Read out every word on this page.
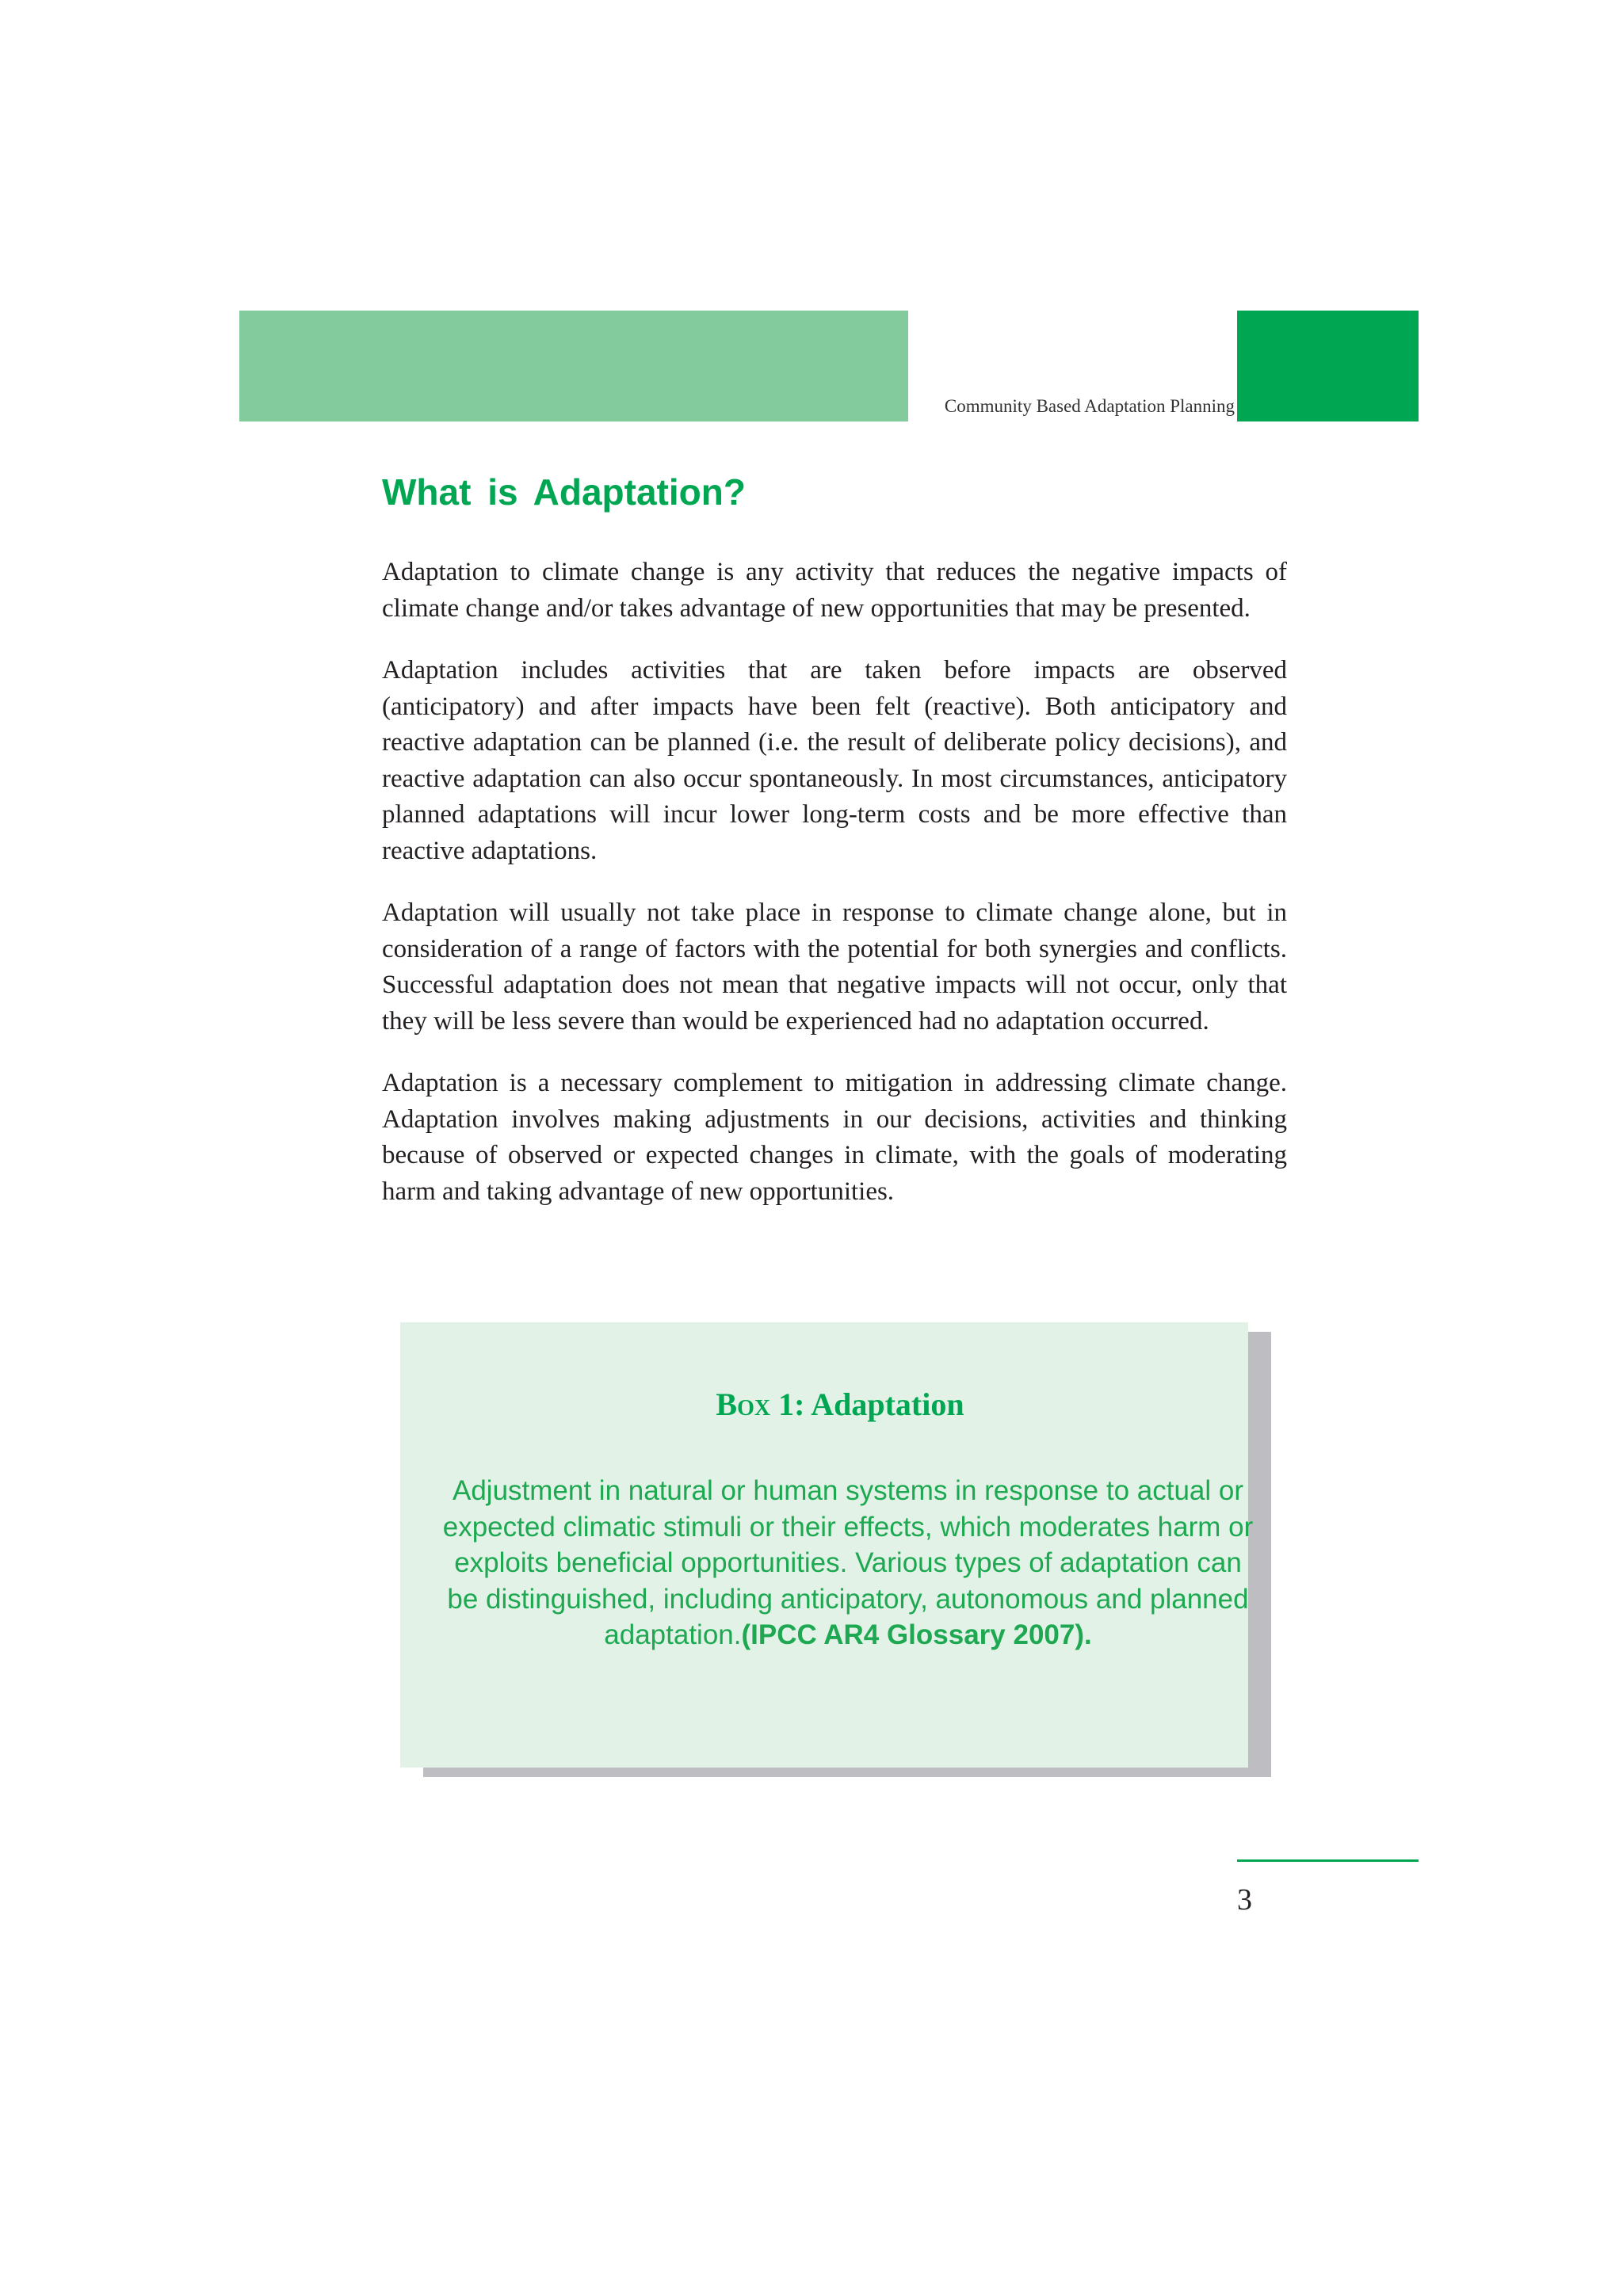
Community Based Adaptation Planning
What is Adaptation?

Adaptation to climate change is any activity that reduces the negative impacts of climate change and/or takes advantage of new opportunities that may be presented.

Adaptation includes activities that are taken before impacts are observed (anticipatory) and after impacts have been felt (reactive). Both anticipatory and reactive adaptation can be planned (i.e. the result of deliberate policy decisions), and reactive adaptation can also occur spontaneously. In most circumstances, anticipatory planned adaptations will incur lower long-term costs and be more effective than reactive adaptations.

Adaptation will usually not take place in response to climate change alone, but in consideration of a range of factors with the potential for both synergies and conflicts. Successful adaptation does not mean that negative impacts will not occur, only that they will be less severe than would be experienced had no adaptation occurred.

Adaptation is a necessary complement to mitigation in addressing climate change. Adaptation involves making adjustments in our decisions, activities and thinking because of observed or expected changes in climate, with the goals of moderating harm and taking advantage of new opportunities.

Box 1: Adaptation
Adjustment in natural or human systems in response to actual or expected climatic stimuli or their effects, which moderates harm or exploits beneficial opportunities. Various types of adaptation can be distinguished, including anticipatory, autonomous and planned adaptation.(IPCC AR4 Glossary 2007).
3
